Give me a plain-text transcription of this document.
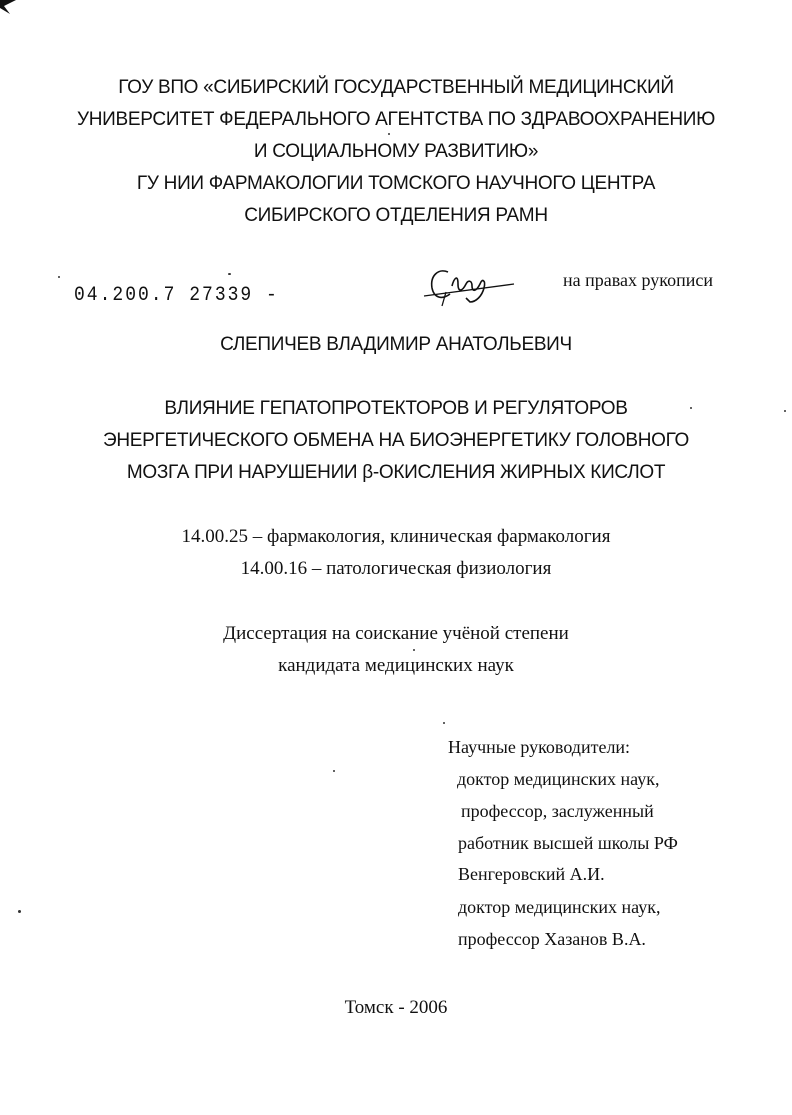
ГОУ ВПО «СИБИРСКИЙ ГОСУДАРСТВЕННЫЙ МЕДИЦИНСКИЙ
УНИВЕРСИТЕТ ФЕДЕРАЛЬНОГО АГЕНТСТВА ПО ЗДРАВООХРАНЕНИЮ
И СОЦИАЛЬНОМУ РАЗВИТИЮ»
ГУ НИИ ФАРМАКОЛОГИИ ТОМСКОГО НАУЧНОГО ЦЕНТРА
СИБИРСКОГО ОТДЕЛЕНИЯ РАМН
04.200.7 27339 -
на правах рукописи
СЛЕПИЧЕВ ВЛАДИМИР АНАТОЛЬЕВИЧ
ВЛИЯНИЕ ГЕПАТОПРОТЕКТОРОВ И РЕГУЛЯТОРОВ
ЭНЕРГЕТИЧЕСКОГО ОБМЕНА НА БИОЭНЕРГЕТИКУ ГОЛОВНОГО
МОЗГА ПРИ НАРУШЕНИИ β-ОКИСЛЕНИЯ ЖИРНЫХ КИСЛОТ
14.00.25 – фармакология, клиническая фармакология
14.00.16 – патологическая физиология
Диссертация на соискание учёной степени
кандидата медицинских наук
Научные руководители:
доктор медицинских наук,
профессор, заслуженный
работник высшей школы РФ
Венгеровский А.И.
доктор медицинских наук,
профессор Хазанов В.А.
Томск - 2006
